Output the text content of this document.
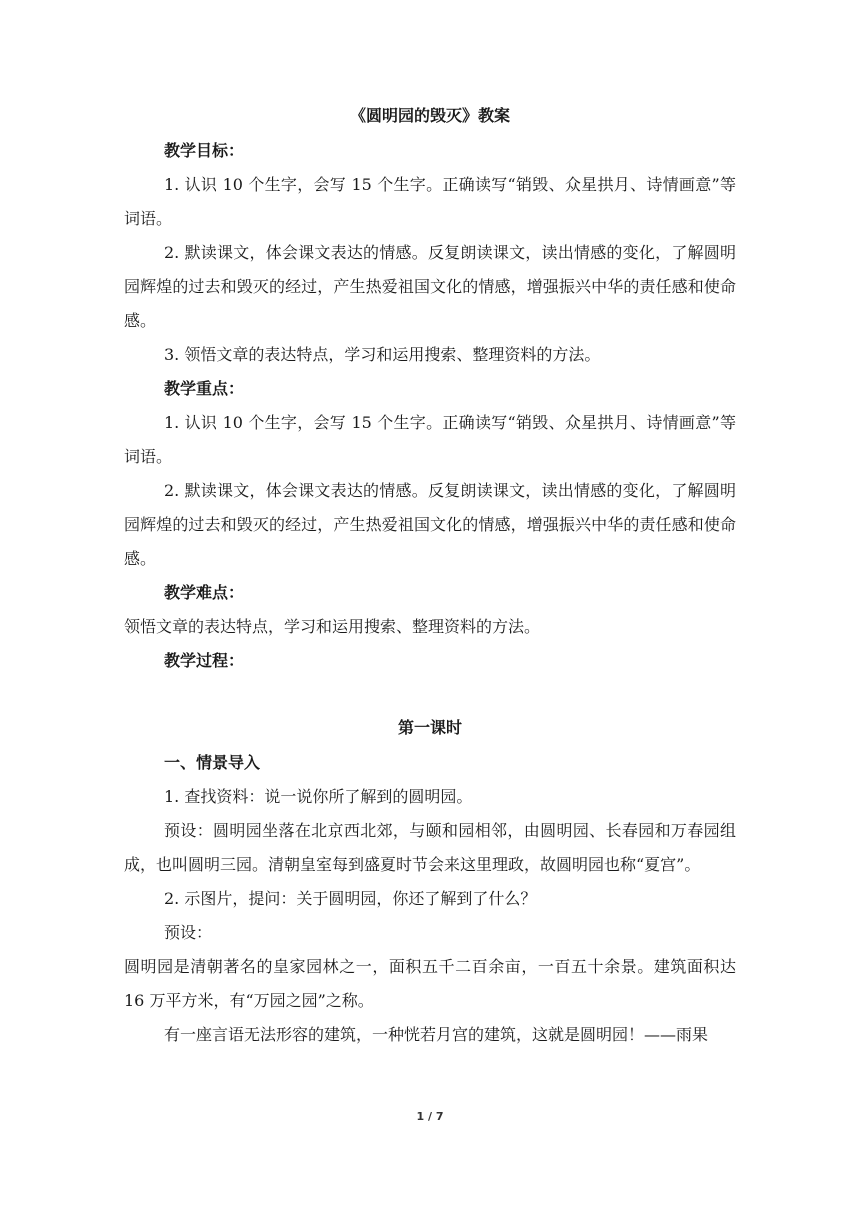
《圆明园的毁灭》教案

教学目标：

1. 认识 10 个生字，会写 15 个生字。正确读写“销毁、众星拱月、诗情画意”等词语。

2. 默读课文，体会课文表达的情感。反复朗读课文，读出情感的变化，了解圆明园辉煌的过去和毁灭的经过，产生热爱祖国文化的情感，增强振兴中华的责任感和使命感。

3. 领悟文章的表达特点，学习和运用搜索、整理资料的方法。

教学重点：

1. 认识 10 个生字，会写 15 个生字。正确读写“销毁、众星拱月、诗情画意”等词语。

2. 默读课文，体会课文表达的情感。反复朗读课文，读出情感的变化，了解圆明园辉煌的过去和毁灭的经过，产生热爱祖国文化的情感，增强振兴中华的责任感和使命感。

教学难点：

领悟文章的表达特点，学习和运用搜索、整理资料的方法。

教学过程：

第一课时

一、情景导入

1. 查找资料：说一说你所了解到的圆明园。

预设：圆明园坐落在北京西北郊，与颐和园相邻，由圆明园、长春园和万春园组成，也叫圆明三园。清朝皇室每到盛夏时节会来这里理政，故圆明园也称“夏宫”。

2. 示图片，提问：关于圆明园，你还了解到了什么？

预设：

圆明园是清朝著名的皇家园林之一，面积五千二百余亩，一百五十余景。建筑面积达 16 万平方米，有“万园之园”之称。

有一座言语无法形容的建筑，一种恍若月宫的建筑，这就是圆明园！——雨果

1 / 7
